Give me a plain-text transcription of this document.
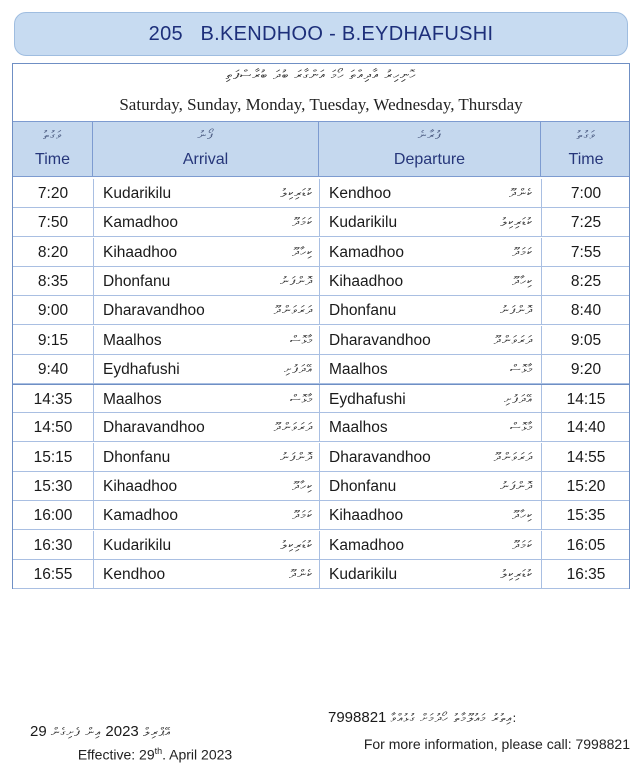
205
B.KENDHOO - B.EYDHAFUSHI
ހޮނިހިރު އާދިއްތަ ހޯމަ އަންގާރަ ބުދަ ބުރާސްފަތި
Saturday, Sunday, Monday, Tuesday, Wednesday, Thursday
ވަގުތު
Time
ފޯނު
Arrival
ފުރާނެ
Departure
ވަގުތު
Time
7:20	Kudarikilu	ކުޑަރިކިލު Kendhoo	ކެންދޫ	7:00
7:50	Kamadhoo	ކަމަދޫ Kudarikilu	ކުޑަރިކިލު	7:25
8:20	Kihaadhoo	ކިހާދޫ Kamadhoo	ކަމަދޫ	7:55
8:35	Dhonfanu	ދޮންފަނު Kihaadhoo	ކިހާދޫ	8:25
9:00	Dharavandhoo	ދަރަވަންދޫ Dhonfanu	ދޮންފަނު	8:40
9:15	Maalhos	މާޅޮސް Dharavandhoo	ދަރަވަންދޫ	9:05
9:40	Eydhafushi	އޭދަފުށި Maalhos	މާޅޮސް	9:20
14:35	Maalhos	މާޅޮސް Eydhafushi	އޭދަފުށި	14:15
14:50	Dharavandhoo	ދަރަވަންދޫ Maalhos	މާޅޮސް	14:40
15:15	Dhonfanu	ދޮންފަނު Dharavandhoo	ދަރަވަންދޫ	14:55
15:30	Kihaadhoo	ކިހާދޫ Dhonfanu	ދޮންފަނު	15:20
16:00	Kamadhoo	ކަމަދޫ Kihaadhoo	ކިހާދޫ	15:35
16:30	Kudarikilu	ކުޑަރިކިލު Kamadhoo	ކަމަދޫ	16:05
16:55	Kendhoo	ކެންދޫ Kudarikilu	ކުޑަރިކިލު	16:35
29	އޭޕްރިލް 2023 އިން ފެށިގެން
Effective: 29th. April 2023
7998821 އިތުރު މައުލޫމާތު ހޯދުމަށް ގުޅުއްވާ:
For more information, please call: 7998821
